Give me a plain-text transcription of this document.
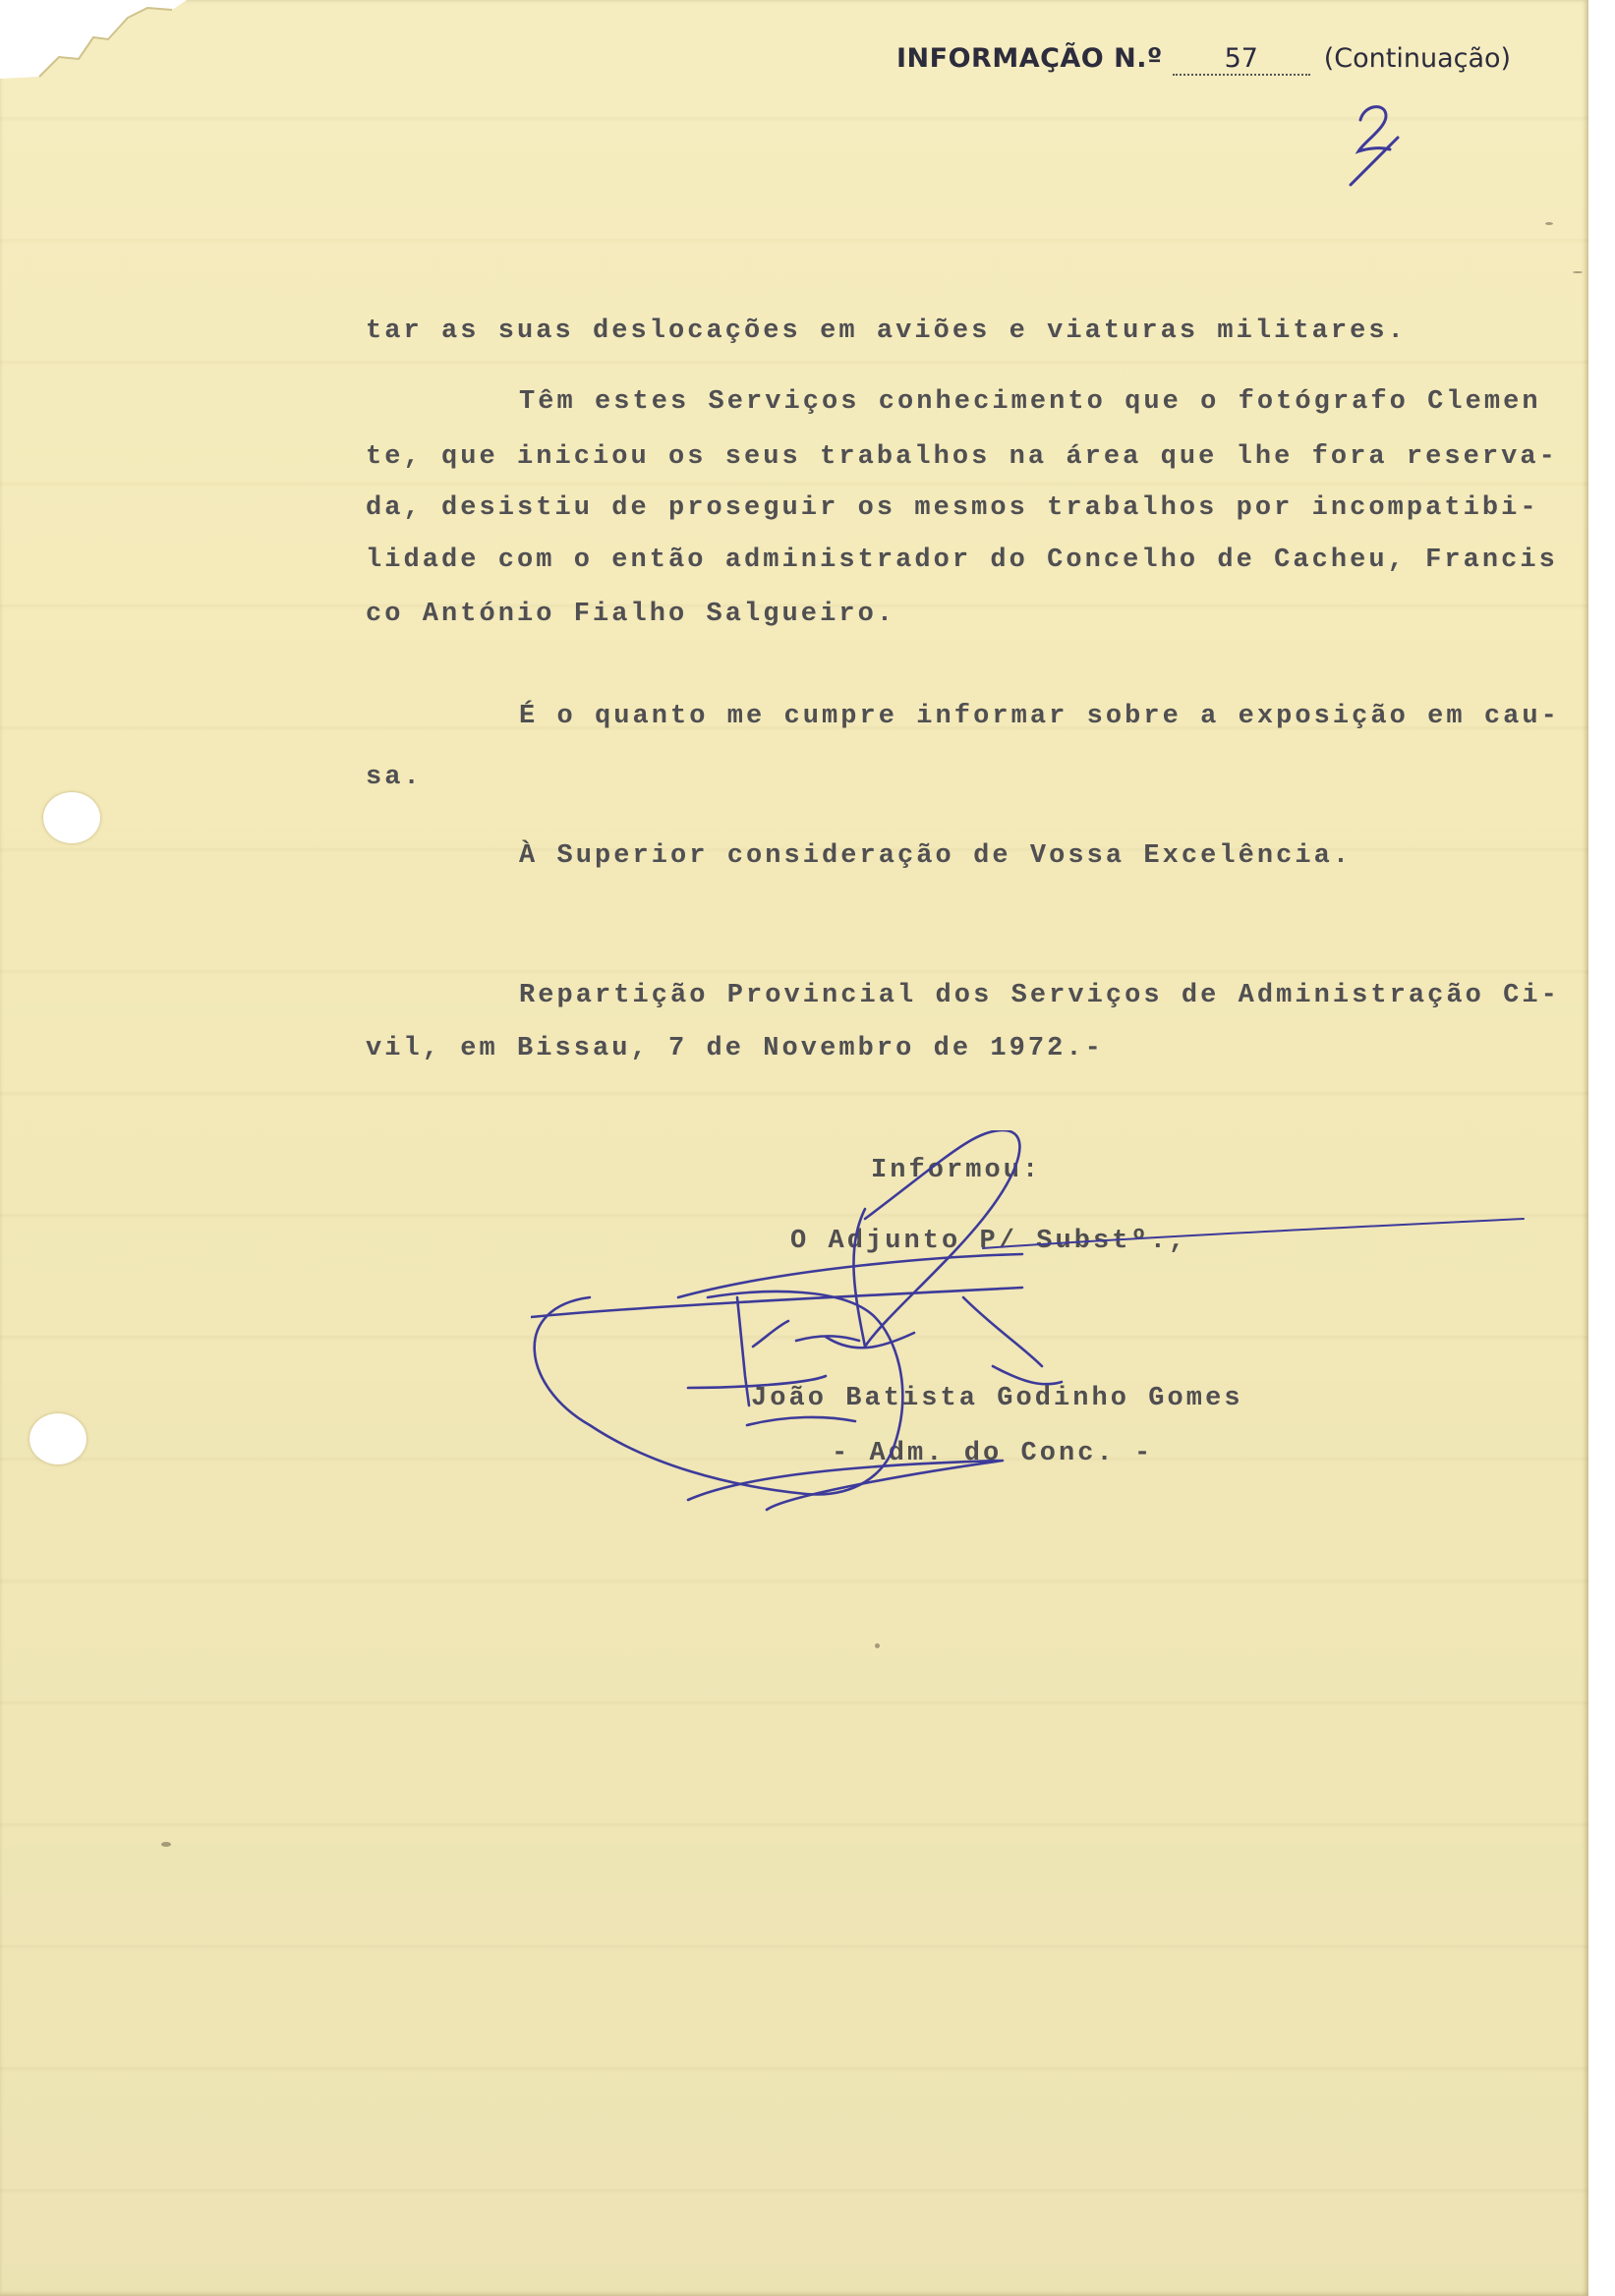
INFORMAÇÃO N.º 57 (Continuação)
tar as suas deslocações em aviões e viaturas militares.
Têm estes Serviços conhecimento que o fotógrafo Clemen
te, que iniciou os seus trabalhos na área que lhe fora reserva-
da, desistiu de proseguir os mesmos trabalhos por incompatibi-
lidade com o então administrador do Concelho de Cacheu, Francis
co António Fialho Salgueiro.
É o quanto me cumpre informar sobre a exposição em cau-
sa.
À Superior consideração de Vossa Excelência.
Repartição Provincial dos Serviços de Administração Ci-
vil, em Bissau, 7 de Novembro de 1972.-
Informou:
O Adjunto P/ Substº.,
João Batista Godinho Gomes
- Adm. do Conc. -
